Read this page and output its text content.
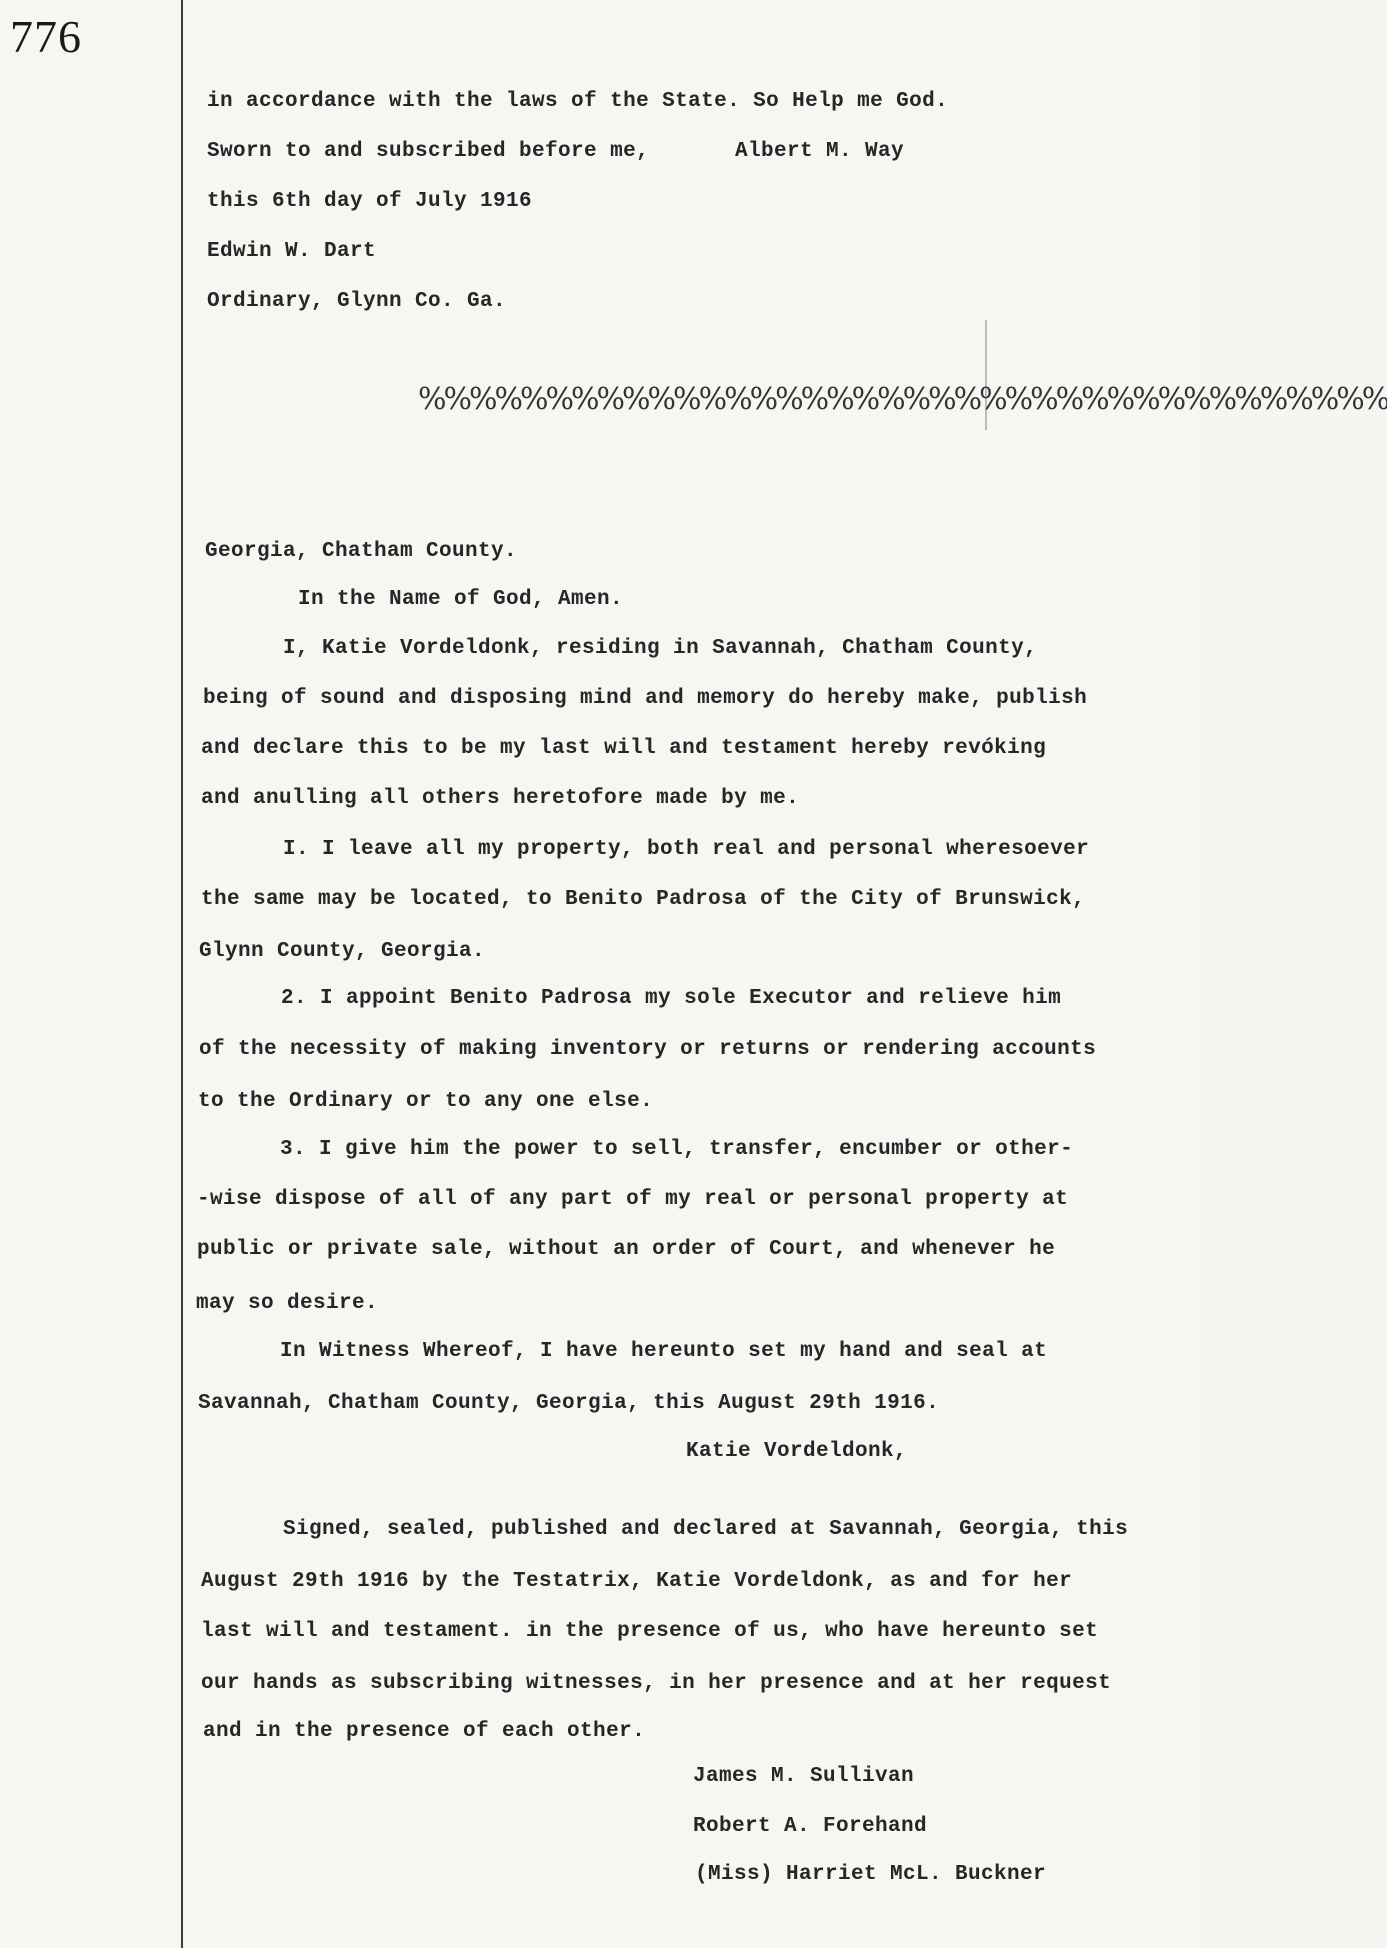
776
in accordance with the laws of the State. So Help me God.
Sworn to and subscribed before me,	Albert M. Way
this 6th day of July 1916
Edwin W. Dart
Ordinary, Glynn Co. Ga.
%%%%%%%%%%%%%%%%%%%%%%%%%%%%%%%%%%%%%%
Georgia, Chatham County.
In the Name of God, Amen.
I, Katie Vordeldonk, residing in Savannah, Chatham County,
being of sound and disposing mind and memory do hereby make, publish
and declare this to be my last will and testament hereby revóking
and anulling all others heretofore made by me.
I. I leave all my property, both real and personal wheresoever
the same may be located, to Benito Padrosa of the City of Brunswick,
Glynn County, Georgia.
2. I appoint Benito Padrosa my sole Executor and relieve him
of the necessity of making inventory or returns or rendering accounts
to the Ordinary or to any one else.
3. I give him the power to sell, transfer, encumber or other-
-wise dispose of all of any part of my real or personal property at
public or private sale, without an order of Court, and whenever he
may so desire.
In Witness Whereof, I have hereunto set my hand and seal at
Savannah, Chatham County, Georgia, this August 29th 1916.
Katie Vordeldonk,
Signed, sealed, published and declared at Savannah, Georgia, this
August 29th 1916 by the Testatrix, Katie Vordeldonk, as and for her
last will and testament. in the presence of us, who have hereunto set
our hands as subscribing witnesses, in her presence and at her request
and in the presence of each other.
James M. Sullivan
Robert A. Forehand
(Miss) Harriet McL. Buckner
